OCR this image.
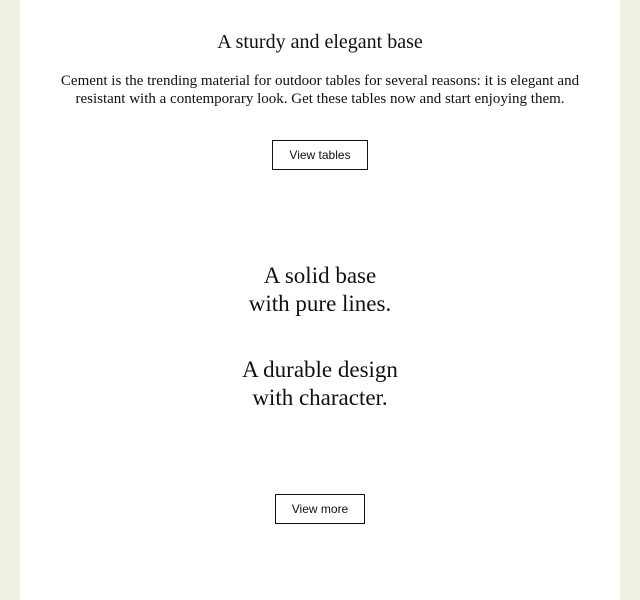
A sturdy and elegant base

Cement is the trending material for outdoor tables for several reasons: it is elegant and resistant with a contemporary look. Get these tables now and start enjoying them.

View tables
A solid base
with pure lines.
A durable design
with character.
View more
